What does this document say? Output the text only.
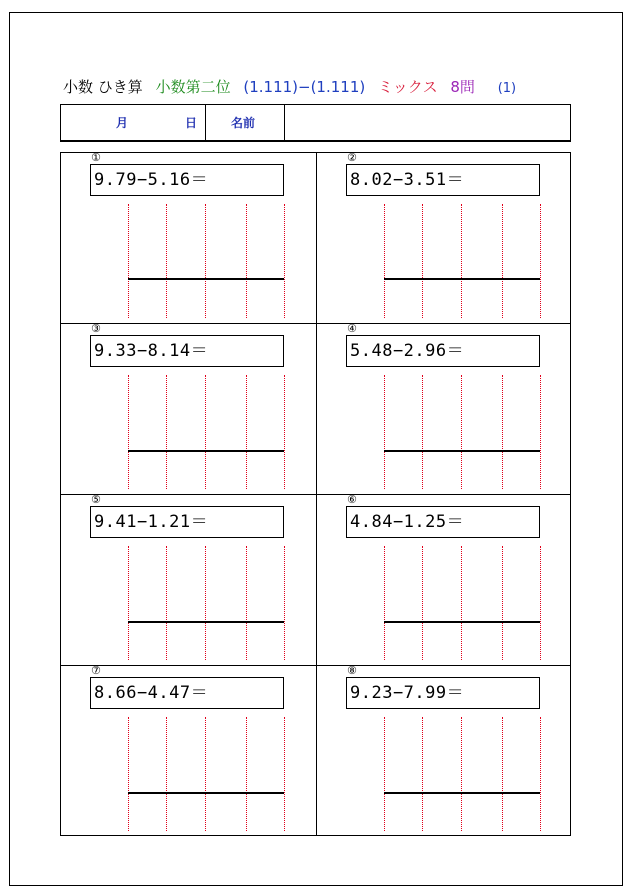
小数 ひき算 小数第二位 (1.111)−(1.111) ミックス 8問 (1)
月	日	名前
①
9.79−5.16＝
②
8.02−3.51＝
③
9.33−8.14＝
④
5.48−2.96＝
⑤
9.41−1.21＝
⑥
4.84−1.25＝
⑦
8.66−4.47＝
⑧
9.23−7.99＝
